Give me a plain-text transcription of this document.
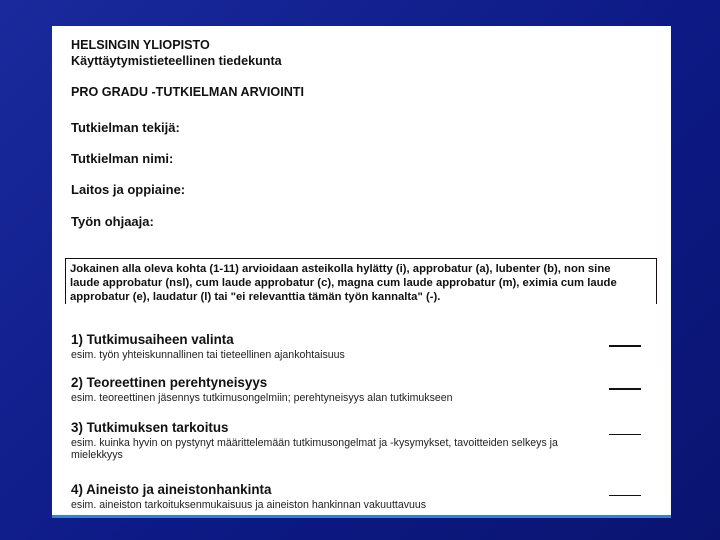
HELSINGIN YLIOPISTO
Käyttäytymistieteellinen tiedekunta
PRO GRADU -TUTKIELMAN ARVIOINTI
Tutkielman tekijä:
Tutkielman nimi:
Laitos ja oppiaine:
Työn ohjaaja:
Jokainen alla oleva kohta (1-11) arvioidaan asteikolla hylätty (i), approbatur (a), lubenter (b), non sine
laude approbatur (nsl), cum laude approbatur (c), magna cum laude approbatur (m), eximia cum laude
approbatur (e), laudatur (l) tai "ei relevanttia tämän työn kannalta" (-).
1) Tutkimusaiheen valinta
esim. työn yhteiskunnallinen tai tieteellinen ajankohtaisuus
2) Teoreettinen perehtyneisyys
esim. teoreettinen jäsennys tutkimusongelmiin; perehtyneisyys alan tutkimukseen
3) Tutkimuksen tarkoitus
esim. kuinka hyvin on pystynyt määrittelemään tutkimusongelmat ja -kysymykset, tavoitteiden selkeys ja mielekkyys
4) Aineisto ja aineistonhankinta
esim. aineiston tarkoituksenmukaisuus ja aineiston hankinnan vakuuttavuus
